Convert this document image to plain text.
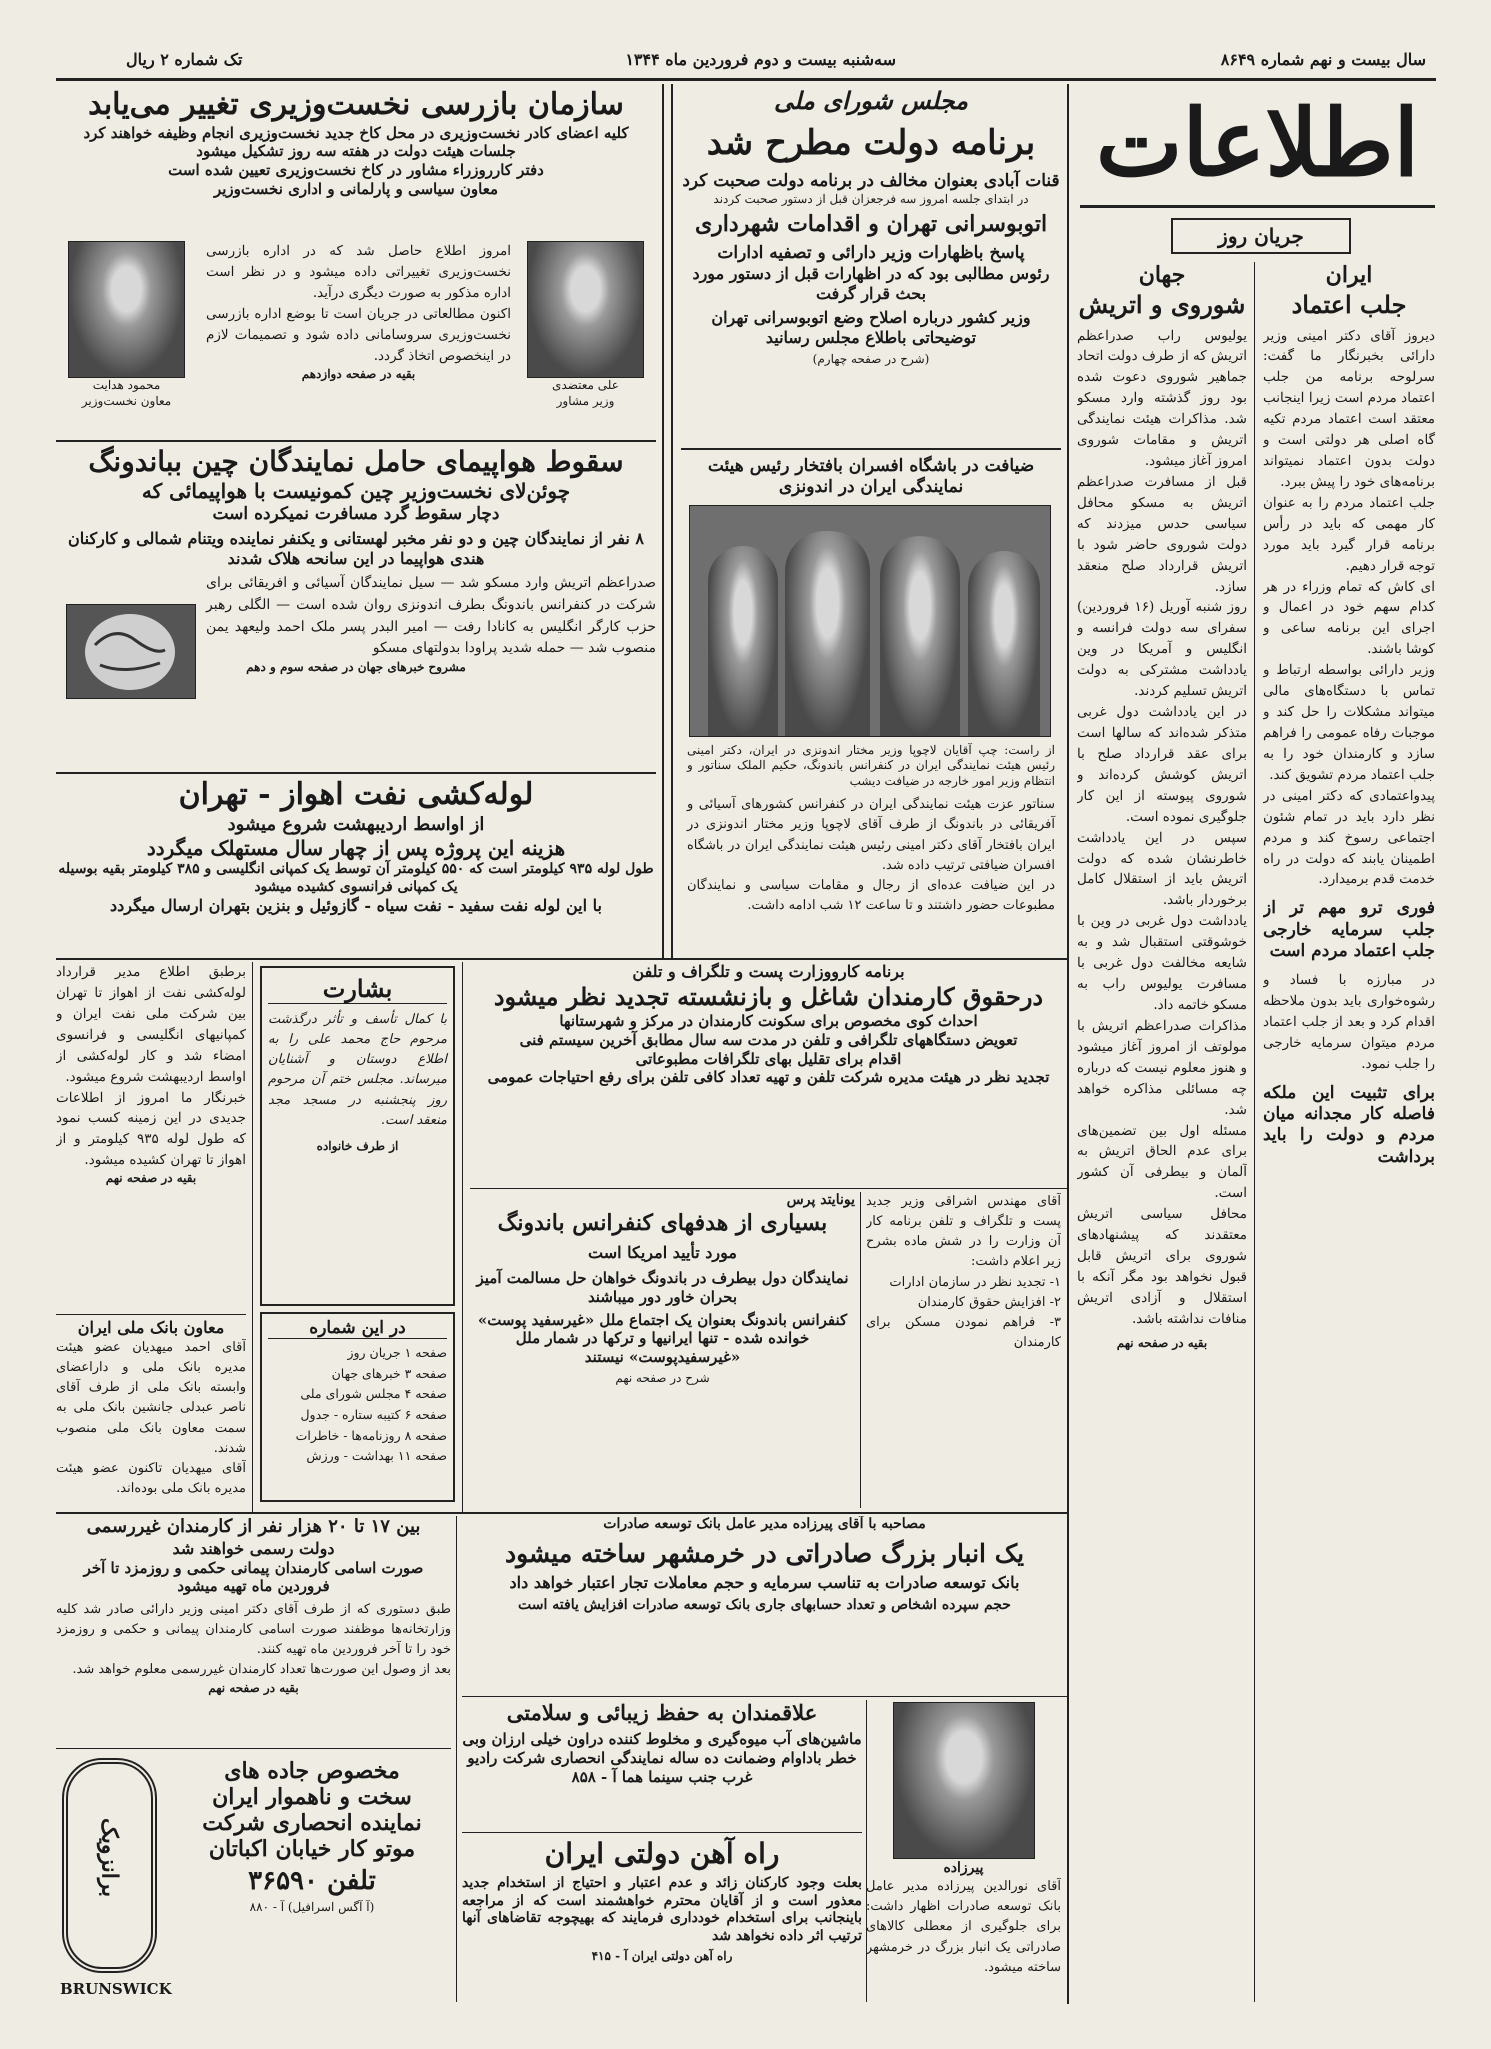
سال بیست و نهم شماره ۸۶۴۹
سه‌شنبه بیست و دوم فروردین ماه ۱۳۴۴
تک شماره ۲ ریال
اطلاعات
جریان روز
ایران
جلب اعتماد

دیروز آقای دکتر امینی وزیر دارائی بخبرنگار ما گفت: سرلوحه برنامه من جلب اعتماد مردم است زیرا اینجانب معتقد است اعتماد مردم تکیه گاه اصلی هر دولتی است و دولت بدون اعتماد نمیتواند برنامه‌های خود را پیش ببرد.
جلب اعتماد مردم را به عنوان کار مهمی که باید در رأس برنامه قرار گیرد باید مورد توجه قرار دهیم.
ای کاش که تمام وزراء در هر کدام سهم خود در اعمال و اجرای این برنامه ساعی و کوشا باشند.
وزیر دارائی بواسطه ارتباط و تماس با دستگاه‌های مالی میتواند مشکلات را حل کند و موجبات رفاه عمومی را فراهم سازد و کارمندان خود را به جلب اعتماد مردم تشویق کند.
پیدواعتمادی که دکتر امینی در نظر دارد باید در تمام شئون اجتماعی رسوخ کند و مردم اطمینان یابند که دولت در راه خدمت قدم برمیدارد.

فوری ترو مهم تر از جلب سرمایه خارجی جلب اعتماد مردم است

در مبارزه با فساد و رشوه‌خواری باید بدون ملاحظه اقدام کرد و بعد از جلب اعتماد مردم میتوان سرمایه خارجی را جلب نمود.

برای تثبیت این ملکه فاصله کار مجدانه میان مردم و دولت را باید برداشت
جهان
شوروی و اتریش

یولیوس راب صدراعظم اتریش که از طرف دولت اتحاد جماهیر شوروی دعوت شده بود روز گذشته وارد مسکو شد. مذاکرات هیئت نمایندگی اتریش و مقامات شوروی امروز آغاز میشود.
قبل از مسافرت صدراعظم اتریش به مسکو محافل سیاسی حدس میزدند که دولت شوروی حاضر شود با اتریش قرارداد صلح منعقد سازد.
روز شنبه آوریل (۱۶ فروردین) سفرای سه دولت فرانسه و انگلیس و آمریکا در وین یادداشت مشترکی به دولت اتریش تسلیم کردند.
در این یادداشت دول غربی متذکر شده‌اند که سالها است برای عقد قرارداد صلح با اتریش کوشش کرده‌اند و شوروی پیوسته از این کار جلوگیری نموده است.
سپس در این یادداشت خاطرنشان شده که دولت اتریش باید از استقلال کامل برخوردار باشد.
یادداشت دول غربی در وین با خوشوقتی استقبال شد و به شایعه مخالفت دول غربی با مسافرت یولیوس راب به مسکو خاتمه داد.
مذاکرات صدراعظم اتریش با مولوتف از امروز آغاز میشود و هنوز معلوم نیست که درباره چه مسائلی مذاکره خواهد شد.
مسئله اول بین تضمین‌های برای عدم الحاق اتریش به آلمان و بیطرفی آن کشور است.
محافل سیاسی اتریش معتقدند که پیشنهادهای شوروی برای اتریش قابل قبول نخواهد بود مگر آنکه با استقلال و آزادی اتریش منافات نداشته باشد.

بقیه در صفحه نهم
مجلس شورای ملی
برنامه دولت مطرح شد
قنات آبادی بعنوان مخالف در برنامه دولت صحبت کرد
در ابتدای جلسه امروز سه فرجعزان قبل از دستور صحبت کردند
اتوبوسرانی تهران و اقدامات شهرداری
پاسخ باظهارات وزیر دارائی و تصفیه ادارات
رئوس مطالبی بود که در اظهارات قبل از دستور مورد بحث قرار گرفت
وزیر کشور درباره اصلاح وضع اتوبوسرانی تهران توضیحاتی باطلاع مجلس رسانید
(شرح در صفحه چهارم)
ضیافت در باشگاه افسران بافتخار رئیس هیئت نمایندگی ایران در اندونزی
از راست: چپ آقایان لاچوپا وزیر مختار اندونزی در ایران، دکتر امینی رئیس هیئت نمایندگی ایران در کنفرانس باندونگ، حکیم الملک سناتور و انتظام وزیر امور خارجه در ضیافت دیشب

سناتور عزت هیئت نمایندگی ایران در کنفرانس کشورهای آسیائی و آفریقائی در باندونگ از طرف آقای لاچوپا وزیر مختار اندونزی در ایران بافتخار آقای دکتر امینی رئیس هیئت نمایندگی ایران در باشگاه افسران ضیافتی ترتیب داده شد.
در این ضیافت عده‌ای از رجال و مقامات سیاسی و نمایندگان مطبوعات حضور داشتند و تا ساعت ۱۲ شب ادامه داشت.

سازمان بازرسی نخست‌وزیری تغییر می‌یابد
کلیه اعضای کادر نخست‌وزیری در محل کاخ جدید نخست‌وزیری انجام وظیفه خواهند کرد
جلسات هیئت دولت در هفته سه روز تشکیل میشود
دفتر کارروزراء مشاور در کاخ نخست‌وزیری تعیین شده است
معاون سیاسی و پارلمانی و اداری نخست‌وزیر
علی معتضدی
وزیر مشاور
محمود هدایت
معاون نخست‌وزیر

امروز اطلاع حاصل شد که در اداره بازرسی نخست‌وزیری تغییراتی داده میشود و در نظر است اداره مذکور به صورت دیگری درآید.
اکنون مطالعاتی در جریان است تا بوضع اداره بازرسی نخست‌وزیری سروسامانی داده شود و تصمیمات لازم در اینخصوص اتخاذ گردد.

بقیه در صفحه دوازدهم
سقوط هواپیمای حامل نمایندگان چین بباندونگ
چوئن‌لای نخست‌وزیر چین کمونیست با هواپیمائی که
دچار سقوط گرد مسافرت نمیکرده است
۸ نفر از نمایندگان چین و دو نفر مخبر لهستانی و یکنفر نماینده ویتنام شمالی و کارکنان هندی هواپیما در این سانحه هلاک شدند

صدراعظم اتریش وارد مسکو شد — سیل نمایندگان آسیائی و افریقائی برای شرکت در کنفرانس باندونگ بطرف اندونزی روان شده است — الگلی رهبر حزب کارگر انگلیس به کانادا رفت — امیر البدر پسر ملک احمد ولیعهد یمن منصوب شد — حمله شدید پراودا بدولتهای مسکو

مشروح خبرهای جهان در صفحه سوم و دهم
لوله‌کشی نفت اهواز - تهران
از اواسط اردیبهشت شروع میشود
هزینه این پروژه پس از چهار سال مستهلک میگردد
طول لوله ۹۳۵ کیلومتر است که ۵۵۰ کیلومتر آن توسط یک کمپانی انگلیسی و ۳۸۵ کیلومتر بقیه بوسیله یک کمپانی فرانسوی کشیده میشود
با این لوله نفت سفید - نفت سیاه - گازوئیل و بنزین بتهران ارسال میگردد

برطبق اطلاع مدیر قرارداد لوله‌کشی نفت از اهواز تا تهران بین شرکت ملی نفت ایران و کمپانیهای انگلیسی و فرانسوی امضاء شد و کار لوله‌کشی از اواسط اردیبهشت شروع میشود.
خبرنگار ما امروز از اطلاعات جدیدی در این زمینه کسب نمود که طول لوله ۹۳۵ کیلومتر و از اهواز تا تهران کشیده میشود.

بقیه در صفحه نهم
معاون بانک ملی ایران

آقای احمد میهدیان عضو هیئت مدیره بانک ملی و داراعضای وابسته بانک ملی از طرف آقای ناصر عبدلی جانشین بانک ملی به سمت معاون بانک ملی منصوب شدند.
آقای میهدیان تاکنون عضو هیئت مدیره بانک ملی بوده‌اند.

بشارت

با کمال تأسف و تأثر درگذشت مرحوم حاج محمد علی را به اطلاع دوستان و آشنایان میرساند. مجلس ختم آن مرحوم روز پنجشنبه در مسجد مجد منعقد است.

از طرف خانواده
در این شماره
صفحه ۱ جریان روز
صفحه ۳ خبرهای جهان
صفحه ۴ مجلس شورای ملی
صفحه ۶ کتیبه ستاره - جدول
صفحه ۸ روزنامه‌ها - خاطرات
صفحه ۱۱ بهداشت - ورزش
برنامه کارووزارت پست و تلگراف و تلفن
درحقوق کارمندان شاغل و بازنشسته تجدید نظر میشود
احداث کوی مخصوص برای سکونت کارمندان در مرکز و شهرستانها
تعویض دستگاههای تلگرافی و تلفن در مدت سه سال مطابق آخرین سیستم فنی
اقدام برای تقلیل بهای تلگرافات مطبوعاتی
تجدید نظر در هیئت مدیره شرکت تلفن و تهیه تعداد کافی تلفن برای رفع احتیاجات عمومی

آقای مهندس اشراقی وزیر جدید پست و تلگراف و تلفن برنامه کار آن وزارت را در شش ماده بشرح زیر اعلام داشت:
۱- تجدید نظر در سازمان ادارات
۲- افزایش حقوق کارمندان
۳- فراهم نمودن مسکن برای کارمندان

یونایتد پرس
بسیاری از هدفهای کنفرانس باندونگ
مورد تأیید امریکا است
نمایندگان دول بیطرف در باندونگ خواهان حل مسالمت آمیز بحران خاور دور میباشند
کنفرانس باندونگ بعنوان یک اجتماع ملل «غیرسفید پوست» خوانده شده - تنها ایرانیها و ترکها در شمار ملل «غیرسفیدپوست» نیستند
شرح در صفحه نهم
بین ۱۷ تا ۲۰ هزار نفر از کارمندان غیررسمی
دولت رسمی خواهند شد
صورت اسامی کارمندان پیمانی حکمی و روزمزد تا آخر فروردین ماه تهیه میشود

طبق دستوری که از طرف آقای دکتر امینی وزیر دارائی صادر شد کلیه وزارتخانه‌ها موظفند صورت اسامی کارمندان پیمانی و حکمی و روزمزد خود را تا آخر فروردین ماه تهیه کنند.
بعد از وصول این صورت‌ها تعداد کارمندان غیررسمی معلوم خواهد شد.

بقیه در صفحه نهم
برانزویک
BRUNSWICK
مخصوص جاده های
سخت و ناهموار ایران
نماینده انحصاری شرکت
موتو کار خیابان اکباتان
تلفن ۳۶۵۹۰
(آ آگس اسرافیل) آ - ۸۸۰
مصاحبه با آقای پیرزاده مدیر عامل بانک توسعه صادرات
یک انبار بزرگ صادراتی در خرمشهر ساخته میشود
بانک توسعه صادرات به تناسب سرمایه و حجم معاملات تجار اعتبار خواهد داد
حجم سپرده اشخاص و تعداد حسابهای جاری بانک توسعه صادرات افزایش یافته است
علاقمندان به حفظ زیبائی و سلامتی
ماشین‌های آب میوه‌گیری و مخلوط کننده دراون خیلی ارزان وبی خطر باداوام وضمانت ده ساله نمایندگی انحصاری شرکت رادیو غرب جنب سینما هما آ - ۸۵۸
راه آهن دولتی ایران
بعلت وجود کارکنان زائد و عدم اعتبار و احتیاج از استخدام جدید معذور است و از آقایان محترم خواهشمند است که از مراجعه باینجانب برای استخدام خودداری فرمایند که بهیچوجه تقاضاهای آنها ترتیب اثر داده نخواهد شد
راه آهن دولتی ایران آ - ۴۱۵
پیرزاده

آقای نورالدین پیرزاده مدیر عامل بانک توسعه صادرات اظهار داشت: برای جلوگیری از معطلی کالاهای صادراتی یک انبار بزرگ در خرمشهر ساخته میشود.
